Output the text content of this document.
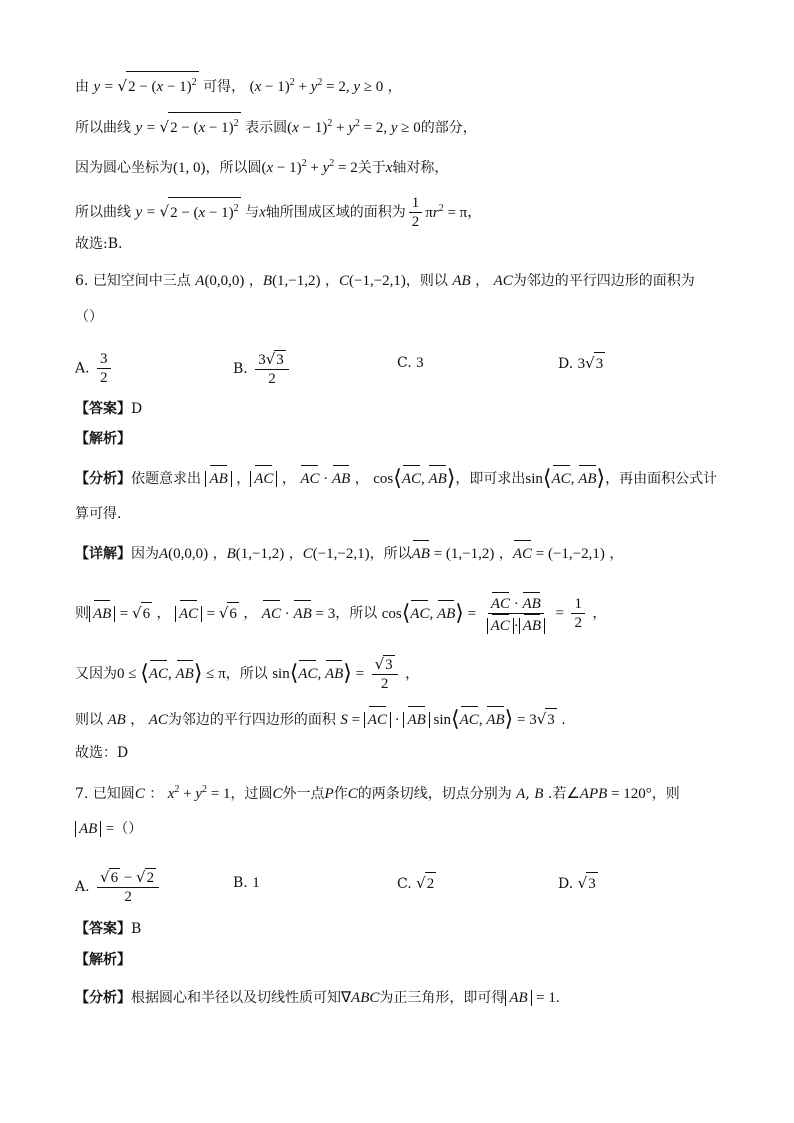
由 $y = √2 - (x - 1)^2$ 可得， $(x - 1)^2 + y^2 = 2$, y ≥ 0 ，
所以曲线 $y = √2 - (x - 1)^2$ 表示圆$(x - 1)^2 + y^2 = 2$, y ≥ 0的部分，
因为圆心坐标为(1, 0)，所以圆$(x - 1)^2 + y^2 = 2$关于x轴对称，
所以曲线 $y = √2 - (x - 1)^2$ 与x轴所围成区域的面积为 $\frac{1}{2} \pi r^2 = \pi$，
故选:B.
6. 已知空间中三点 A(0,0,0) ，B(1,−1,2) ，C(−1,−2,1)，则以 AB ， AC为邻边的平行四边形的面积为
（）
A. $\frac{3}{2}$	B. $\frac{3√3}{2}$	C. 3	D. 3√3
【答案】D
【解析】
【分析】依题意求出 AB ， AC ， AC · AB ， cos⟨AC, AB⟩，即可求出sin⟨AC, AB⟩，再由面积公式计
算可得.
【详解】因为A(0,0,0) ，B(1,−1,2) ，C(−1,−2,1)，所以AB = (1,−1,2) ，AC = (−1,−2,1) ，
则 AB = √6 ， AC = √6 ， AC · AB = 3，所以 cos⟨AC, AB⟩ = $\frac{AC \cdot AB}{AC \cdot AB} = \frac{1}{2}$ ，
又因为0 ≤ ⟨AC, AB⟩ ≤ π，所以 sin⟨AC, AB⟩ = $\frac{√3}{2}$ ，
则以 AB ， AC为邻边的平行四边形的面积 S = AC · AB sin⟨AC, AB⟩ = 3√3 .
故选：D
7. 已知圆C ： $x^2 + y^2 = 1$，过圆C外一点P作C的两条切线，切点分别为 A, B .若∠APB = 120°，则
AB =（）
A. $\frac{√6 - √2}{2}$	B. 1	C. √2	D. √3
【答案】B
【解析】
【分析】根据圆心和半径以及切线性质可知∇ABC为正三角形，即可得 AB = 1.
